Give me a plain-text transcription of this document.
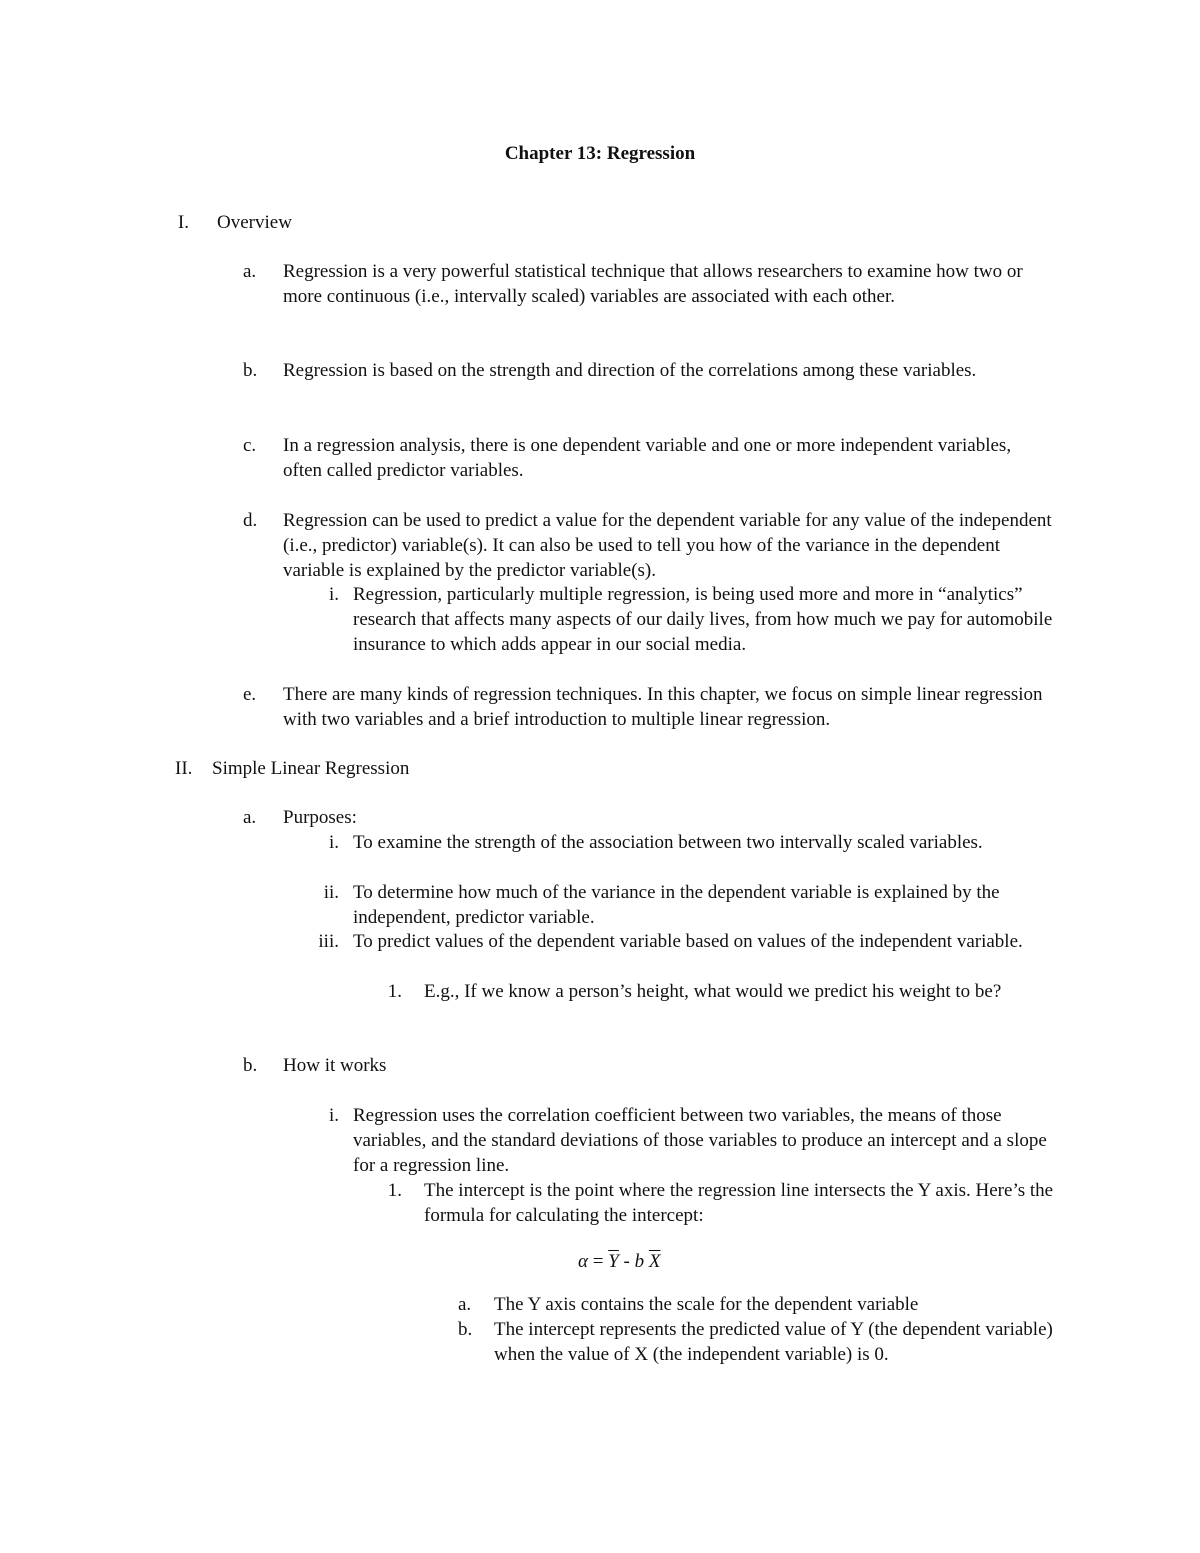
Chapter 13: Regression
I. Overview
a.	Regression is a very powerful statistical technique that allows researchers to examine how two or more continuous (i.e., intervally scaled) variables are associated with each other.
b.	Regression is based on the strength and direction of the correlations among these variables.
c.	In a regression analysis, there is one dependent variable and one or more independent variables, often called predictor variables.
d.	Regression can be used to predict a value for the dependent variable for any value of the independent (i.e., predictor) variable(s). It can also be used to tell you how of the variance in the dependent variable is explained by the predictor variable(s).
i. Regression, particularly multiple regression, is being used more and more in “analytics” research that affects many aspects of our daily lives, from how much we pay for automobile insurance to which adds appear in our social media.
e.	There are many kinds of regression techniques. In this chapter, we focus on simple linear regression with two variables and a brief introduction to multiple linear regression.
II. Simple Linear Regression
a.	Purposes:
i. To examine the strength of the association between two intervally scaled variables.
ii. To determine how much of the variance in the dependent variable is explained by the independent, predictor variable.
iii. To predict values of the dependent variable based on values of the independent variable.
1. E.g., If we know a person’s height, what would we predict his weight to be?
b.	How it works
i. Regression uses the correlation coefficient between two variables, the means of those variables, and the standard deviations of those variables to produce an intercept and a slope for a regression line.
1. The intercept is the point where the regression line intersects the Y axis. Here’s the formula for calculating the intercept:
$\alpha = \overline{Y} - b$ $\overline{X}$
a.	The Y axis contains the scale for the dependent variable
b.	The intercept represents the predicted value of Y (the dependent variable) when the value of X (the independent variable) is 0.
